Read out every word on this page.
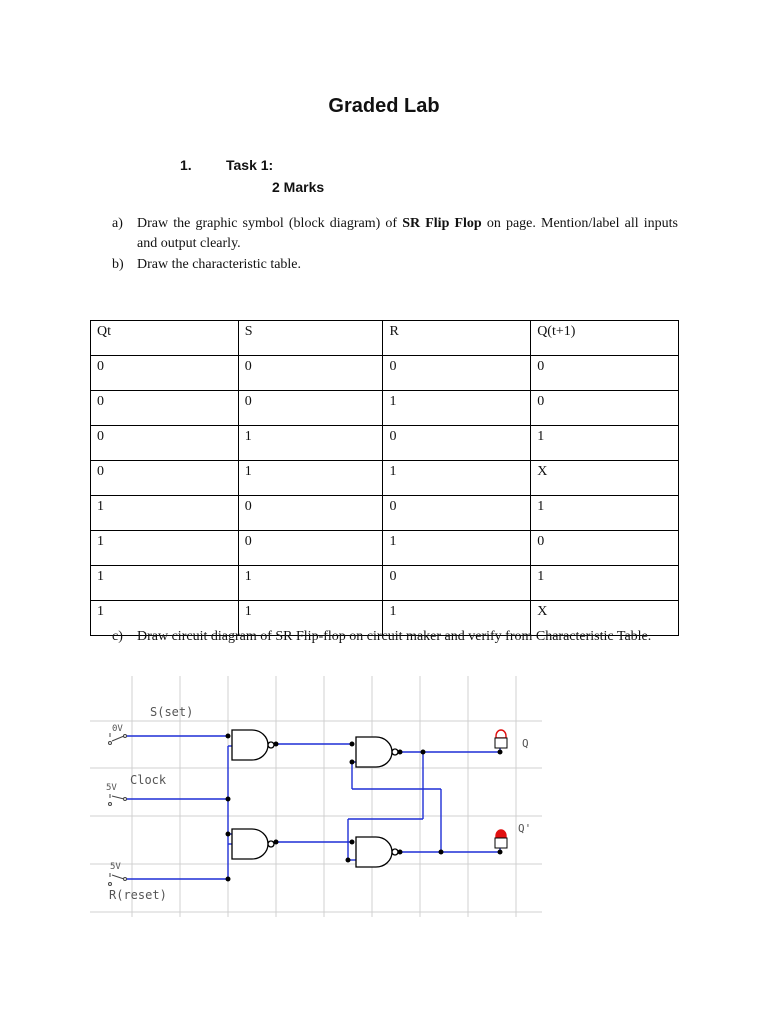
Graded Lab
1. Task 1:
2 Marks
a) Draw the graphic symbol (block diagram) of SR Flip Flop on page. Mention/label all inputs and output clearly.
b) Draw the characteristic table.
Qt	S	R	Q(t+1)
0	0	0	0
0	0	1	0
0	1	0	1
0	1	1	X
1	0	0	1
1	0	1	0
1	1	0	1
1	1	1	X
c) Draw circuit diagram of SR Flip-flop on circuit maker and verify from Characteristic Table.
S(set)
0V
Clock
5V
5V
R(reset)
Q
Q'
